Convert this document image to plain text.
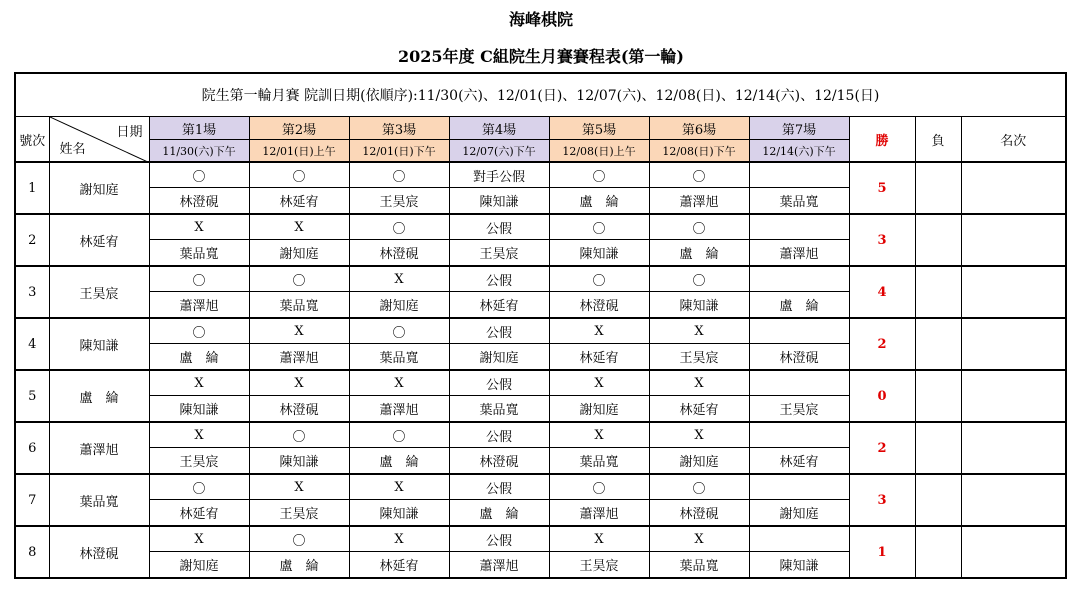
海峰棋院
2025年度 C組院生月賽賽程表(第一輪)
院生第一輪月賽 院訓日期(依順序):11/30(六)、12/01(日)、12/07(六)、12/08(日)、12/14(六)、12/15(日)											
號次	日期
姓名	第1場	第2場	第3場	第4場	第5場	第6場	第7場	勝	負	名次
		11/30(六)下午	12/01(日)上午	12/01(日)下午	12/07(六)下午	12/08(日)上午	12/08(日)下午	12/14(六)下午			
1	謝知庭	〇	〇	〇	對手公假	〇	〇		5		
		林澄硯	林延宥	王昊宸	陳知謙	盧　綸	蕭澤旭	葉品寬			
2	林延宥	X	X	〇	公假	〇	〇		3		
		葉品寬	謝知庭	林澄硯	王昊宸	陳知謙	盧　綸	蕭澤旭			
3	王昊宸	〇	〇	X	公假	〇	〇		4		
		蕭澤旭	葉品寬	謝知庭	林延宥	林澄硯	陳知謙	盧　綸			
4	陳知謙	〇	X	〇	公假	X	X		2		
		盧　綸	蕭澤旭	葉品寬	謝知庭	林延宥	王昊宸	林澄硯			
5	盧　綸	X	X	X	公假	X	X		0		
		陳知謙	林澄硯	蕭澤旭	葉品寬	謝知庭	林延宥	王昊宸			
6	蕭澤旭	X	〇	〇	公假	X	X		2		
		王昊宸	陳知謙	盧　綸	林澄硯	葉品寬	謝知庭	林延宥			
7	葉品寬	〇	X	X	公假	〇	〇		3		
		林延宥	王昊宸	陳知謙	盧　綸	蕭澤旭	林澄硯	謝知庭			
8	林澄硯	X	〇	X	公假	X	X		1		
		謝知庭	盧　綸	林延宥	蕭澤旭	王昊宸	葉品寬	陳知謙			
